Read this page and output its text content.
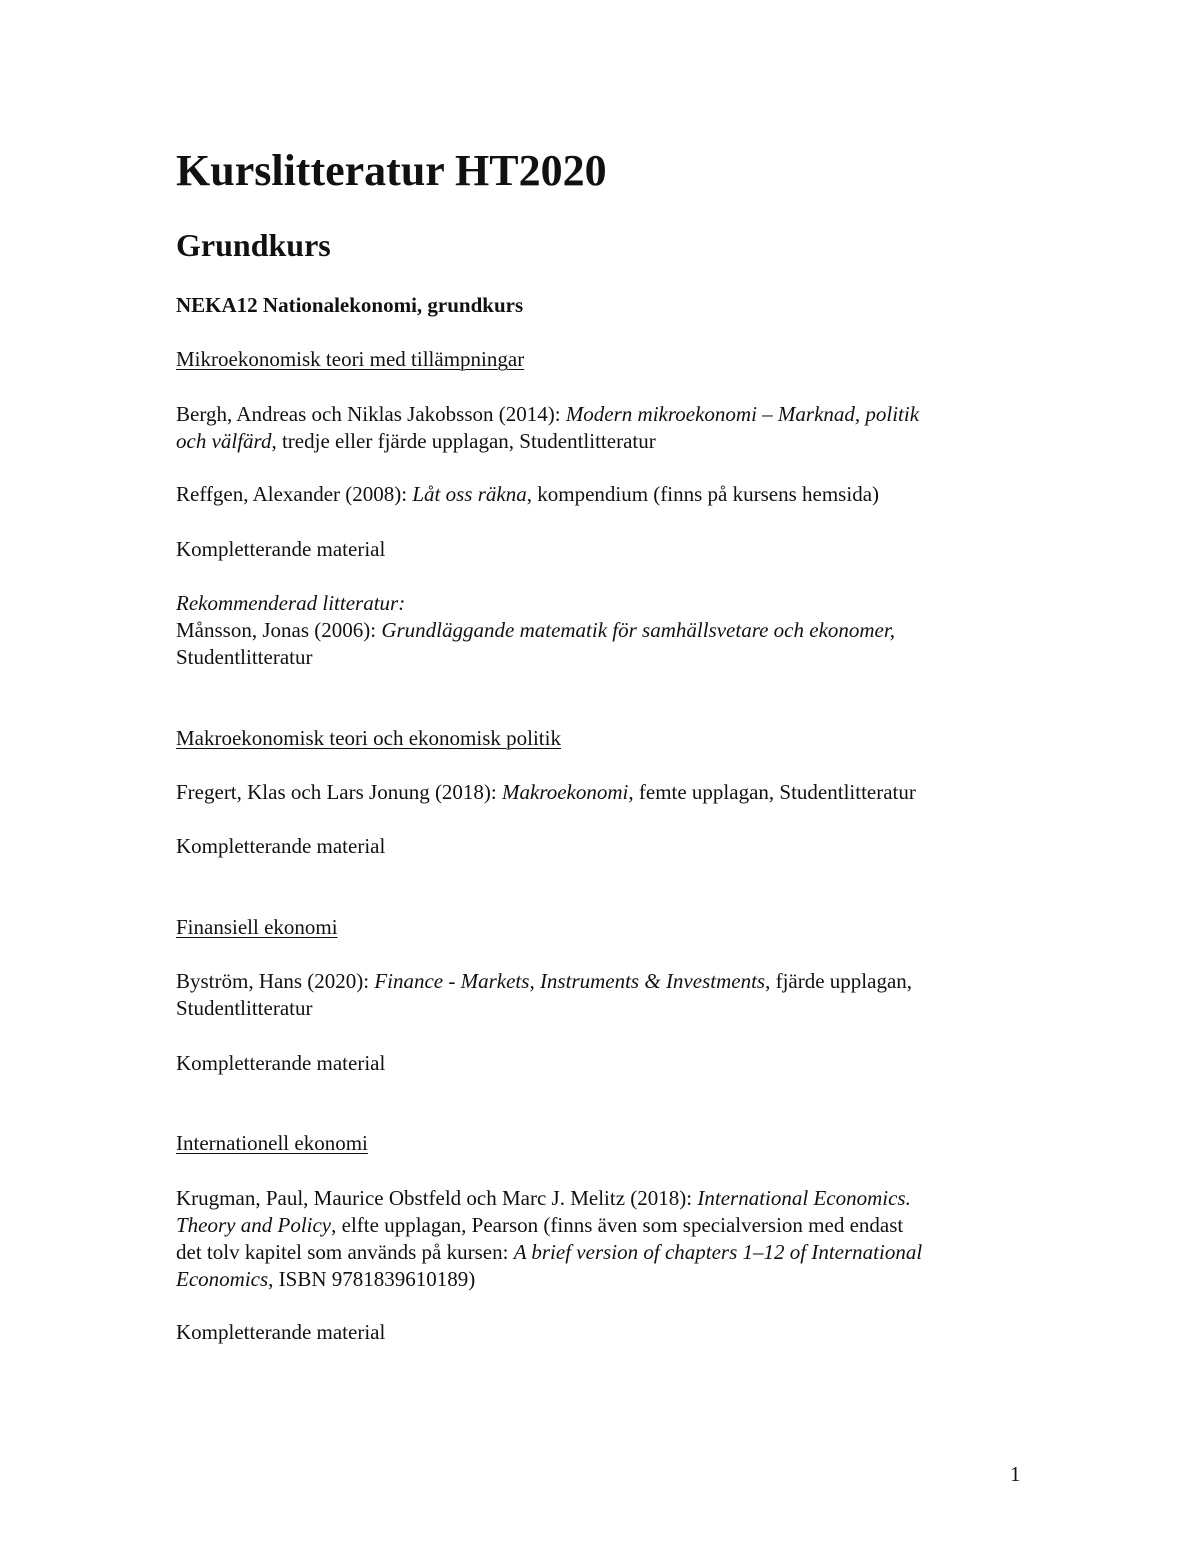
Kurslitteratur HT2020
Grundkurs
NEKA12 Nationalekonomi, grundkurs
Mikroekonomisk teori med tillämpningar
Bergh, Andreas och Niklas Jakobsson (2014): Modern mikroekonomi – Marknad, politik
och välfärd, tredje eller fjärde upplagan, Studentlitteratur
Reffgen, Alexander (2008): Låt oss räkna, kompendium (finns på kursens hemsida)
Kompletterande material
Rekommenderad litteratur:
Månsson, Jonas (2006): Grundläggande matematik för samhällsvetare och ekonomer,
Studentlitteratur
Makroekonomisk teori och ekonomisk politik
Fregert, Klas och Lars Jonung (2018): Makroekonomi, femte upplagan, Studentlitteratur
Kompletterande material
Finansiell ekonomi
Byström, Hans (2020): Finance - Markets, Instruments & Investments, fjärde upplagan,
Studentlitteratur
Kompletterande material
Internationell ekonomi
Krugman, Paul, Maurice Obstfeld och Marc J. Melitz (2018): International Economics.
Theory and Policy, elfte upplagan, Pearson (finns även som specialversion med endast
det tolv kapitel som används på kursen: A brief version of chapters 1–12 of International
Economics, ISBN 9781839610189)
Kompletterande material
1
